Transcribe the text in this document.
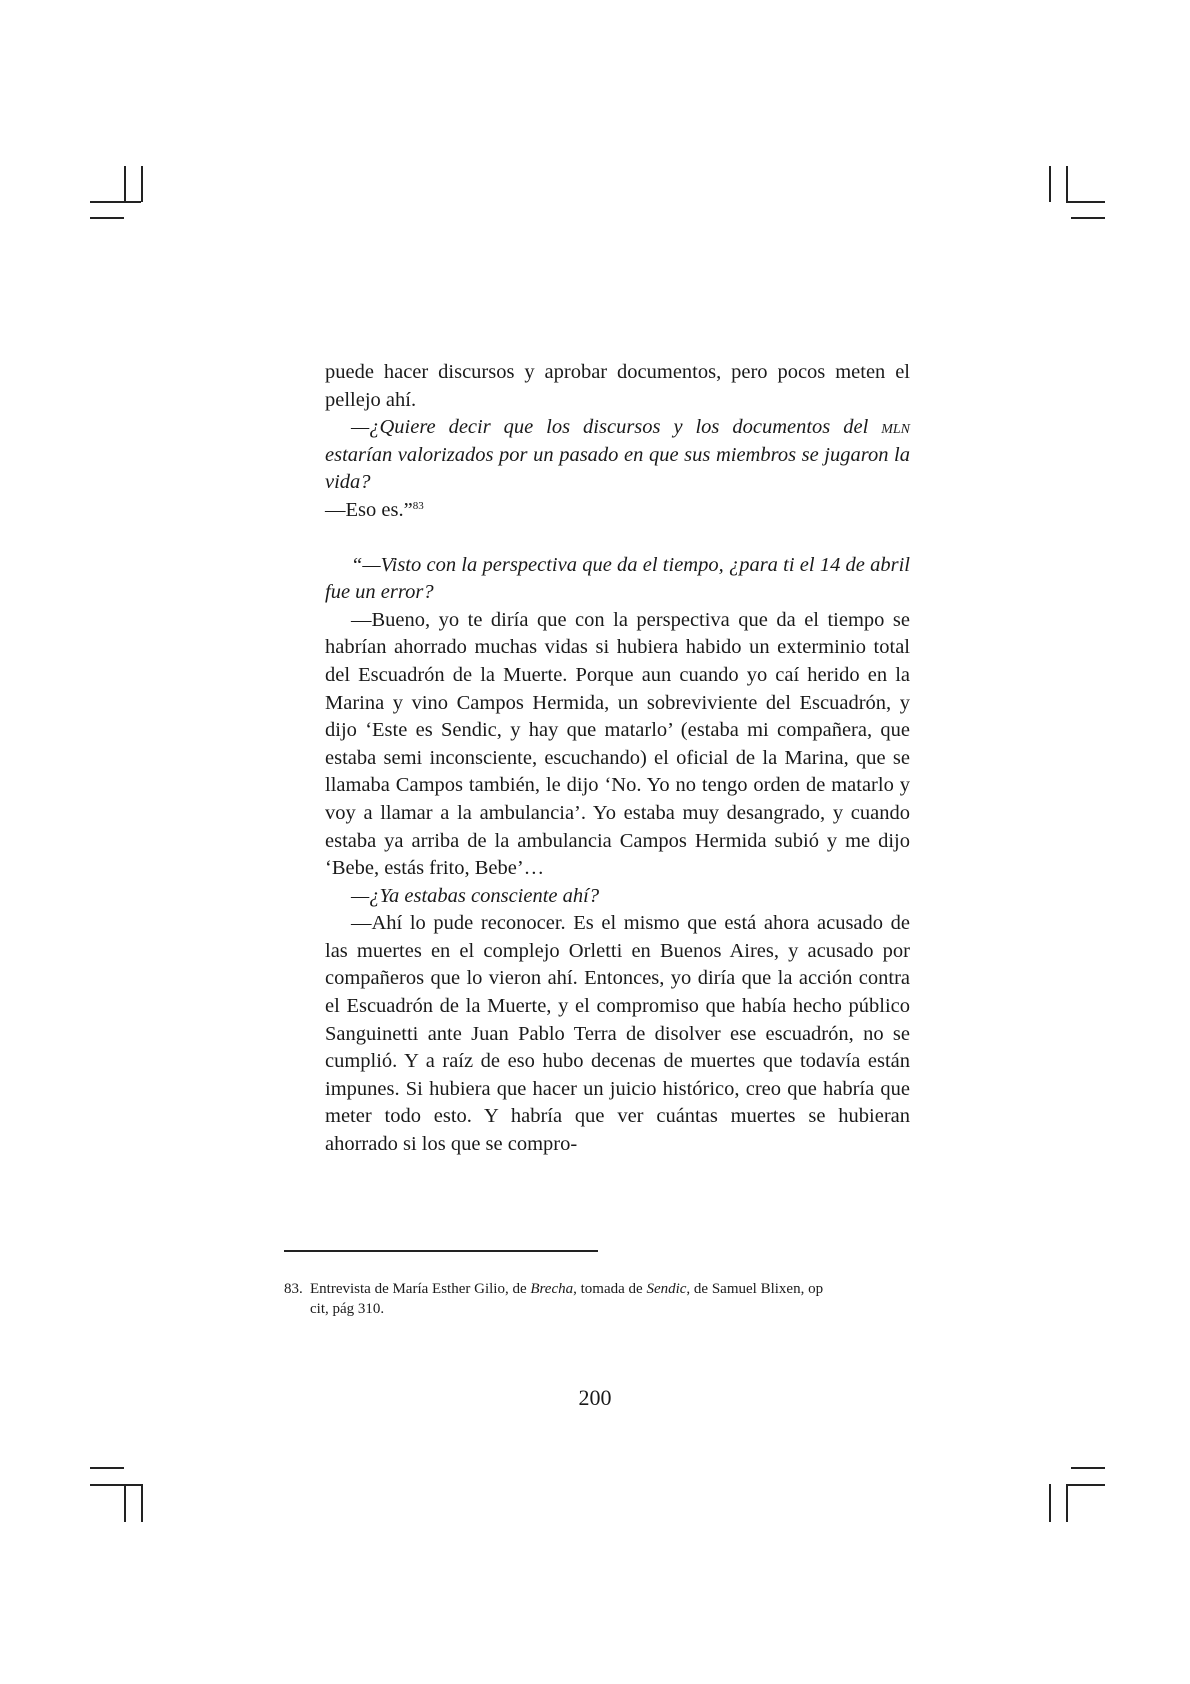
puede hacer discursos y aprobar documentos, pero pocos meten el pellejo ahí.

—¿Quiere decir que los discursos y los documentos del mln estarían valorizados por un pasado en que sus miembros se jugaron la vida?

—Eso es.”$^{83}$

“—Visto con la perspectiva que da el tiempo, ¿para ti el 14 de abril fue un error?

—Bueno, yo te diría que con la perspectiva que da el tiempo se habrían ahorrado muchas vidas si hubiera habido un exterminio total del Escuadrón de la Muerte. Porque aun cuando yo caí herido en la Marina y vino Campos Hermida, un sobreviviente del Escuadrón, y dijo ‘Este es Sendic, y hay que matarlo’ (estaba mi compañera, que estaba semi inconsciente, escuchando) el oficial de la Marina, que se llamaba Campos también, le dijo ‘No. Yo no tengo orden de matarlo y voy a llamar a la ambulancia’. Yo estaba muy desangrado, y cuando estaba ya arriba de la ambulancia Campos Hermida subió y me dijo ‘Bebe, estás frito, Bebe’…

—¿Ya estabas consciente ahí?

—Ahí lo pude reconocer. Es el mismo que está ahora acusado de las muertes en el complejo Orletti en Buenos Aires, y acusado por compañeros que lo vieron ahí. Entonces, yo diría que la acción contra el Escuadrón de la Muerte, y el compromiso que había hecho público Sanguinetti ante Juan Pablo Terra de disolver ese escuadrón, no se cumplió. Y a raíz de eso hubo decenas de muertes que todavía están impunes. Si hubiera que hacer un juicio histórico, creo que habría que meter todo esto. Y habría que ver cuántas muertes se hubieran ahorrado si los que se compro-

83. Entrevista de María Esther Gilio, de Brecha, tomada de Sendic, de Samuel Blixen, op
cit, pág 310.
200
